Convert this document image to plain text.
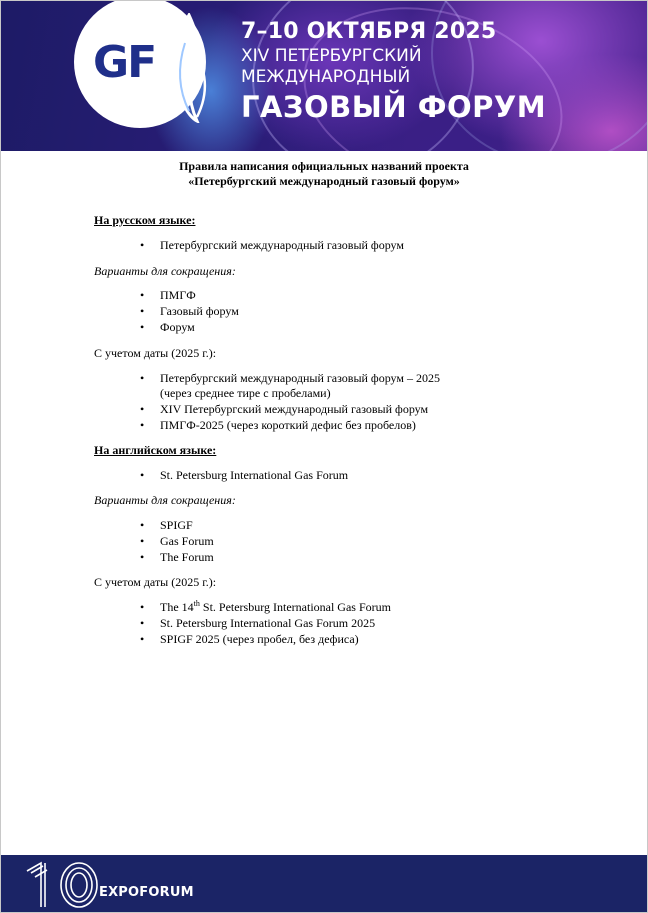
GF
7–10 ОКТЯБРЯ 2025
XIV ПЕТЕРБУРГСКИЙ
МЕЖДУНАРОДНЫЙ
ГАЗОВЫЙ ФОРУМ
Правила написания официальных названий проекта
«Петербургский международный газовый форум»
На русском языке:
• Петербургский международный газовый форум
Варианты для сокращения:
• ПМГФ
• Газовый форум
• Форум
С учетом даты (2025 г.):
• Петербургский международный газовый форум – 2025
(через среднее тире с пробелами)
• XIV Петербургский международный газовый форум
• ПМГФ-2025 (через короткий дефис без пробелов)
На английском языке:
• St. Petersburg International Gas Forum
Варианты для сокращения:
• SPIGF
• Gas Forum
• The Forum
С учетом даты (2025 г.):
• The 14th St. Petersburg International Gas Forum
• St. Petersburg International Gas Forum 2025
• SPIGF 2025 (через пробел, без дефиса)
EXPOFORUM
